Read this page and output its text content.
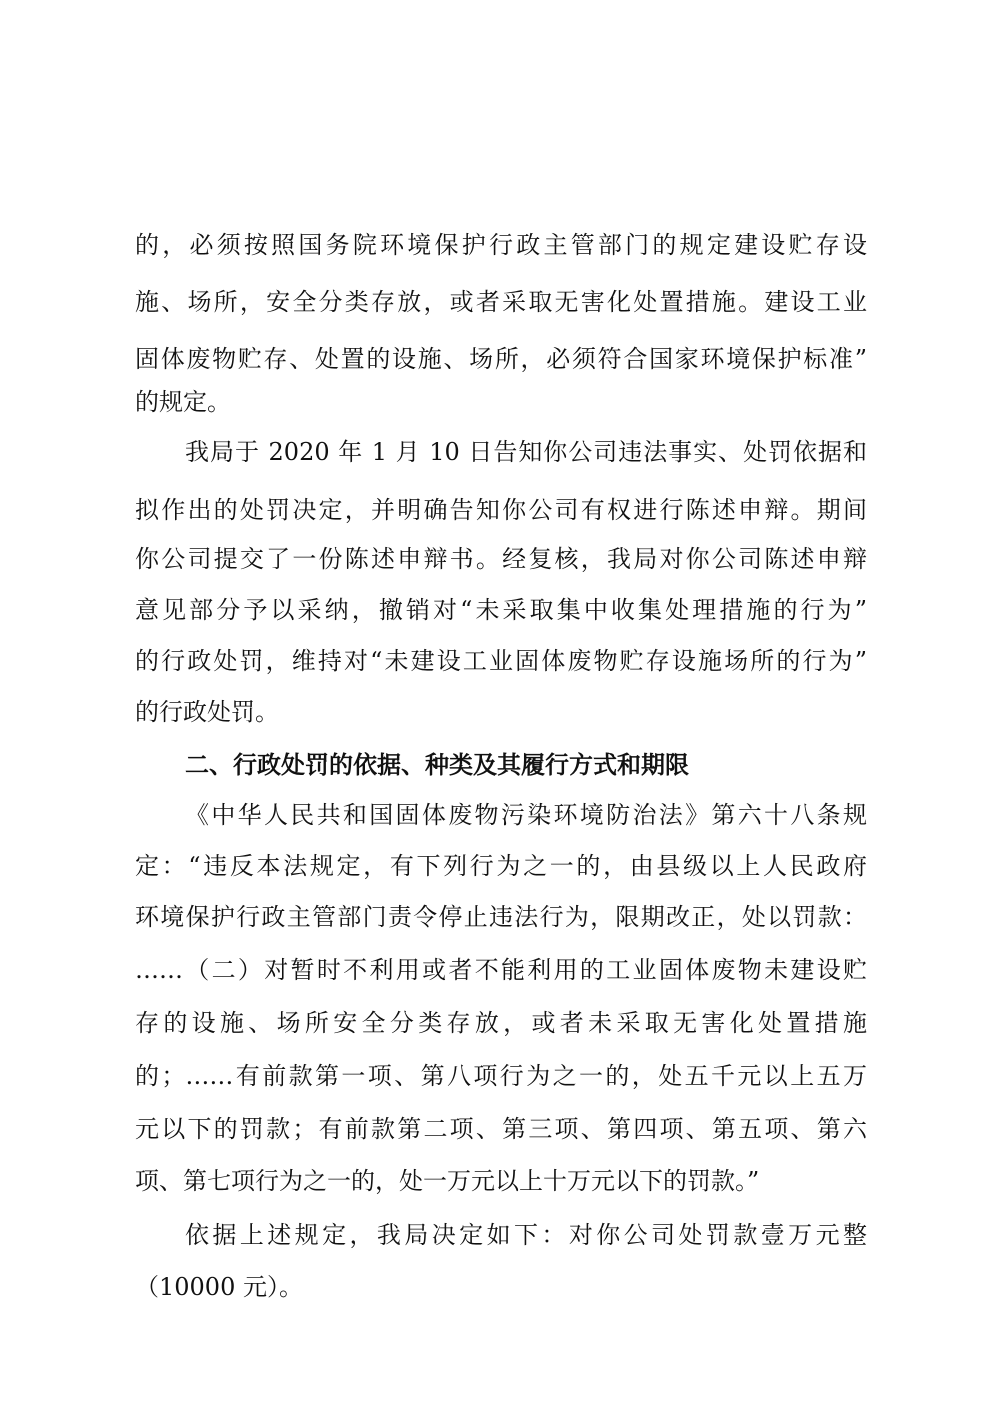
的，必须按照国务院环境保护行政主管部门的规定建设贮存设
施、场所，安全分类存放，或者采取无害化处置措施。建设工业
固体废物贮存、处置的设施、场所，必须符合国家环境保护标准”
的规定。
我局于 2020 年 1 月 10 日告知你公司违法事实、处罚依据和
拟作出的处罚决定，并明确告知你公司有权进行陈述申辩。期间
你公司提交了一份陈述申辩书。经复核，我局对你公司陈述申辩
意见部分予以采纳，撤销对“未采取集中收集处理措施的行为”
的行政处罚，维持对“未建设工业固体废物贮存设施场所的行为”
的行政处罚。
二、行政处罚的依据、种类及其履行方式和期限
《中华人民共和国固体废物污染环境防治法》第六十八条规
定：“违反本法规定，有下列行为之一的，由县级以上人民政府
环境保护行政主管部门责令停止违法行为，限期改正，处以罚款：
……（二）对暂时不利用或者不能利用的工业固体废物未建设贮
存的设施、场所安全分类存放，或者未采取无害化处置措施
的；……有前款第一项、第八项行为之一的，处五千元以上五万
元以下的罚款；有前款第二项、第三项、第四项、第五项、第六
项、第七项行为之一的，处一万元以上十万元以下的罚款。”
依据上述规定，我局决定如下：对你公司处罚款壹万元整
（10000 元）。
